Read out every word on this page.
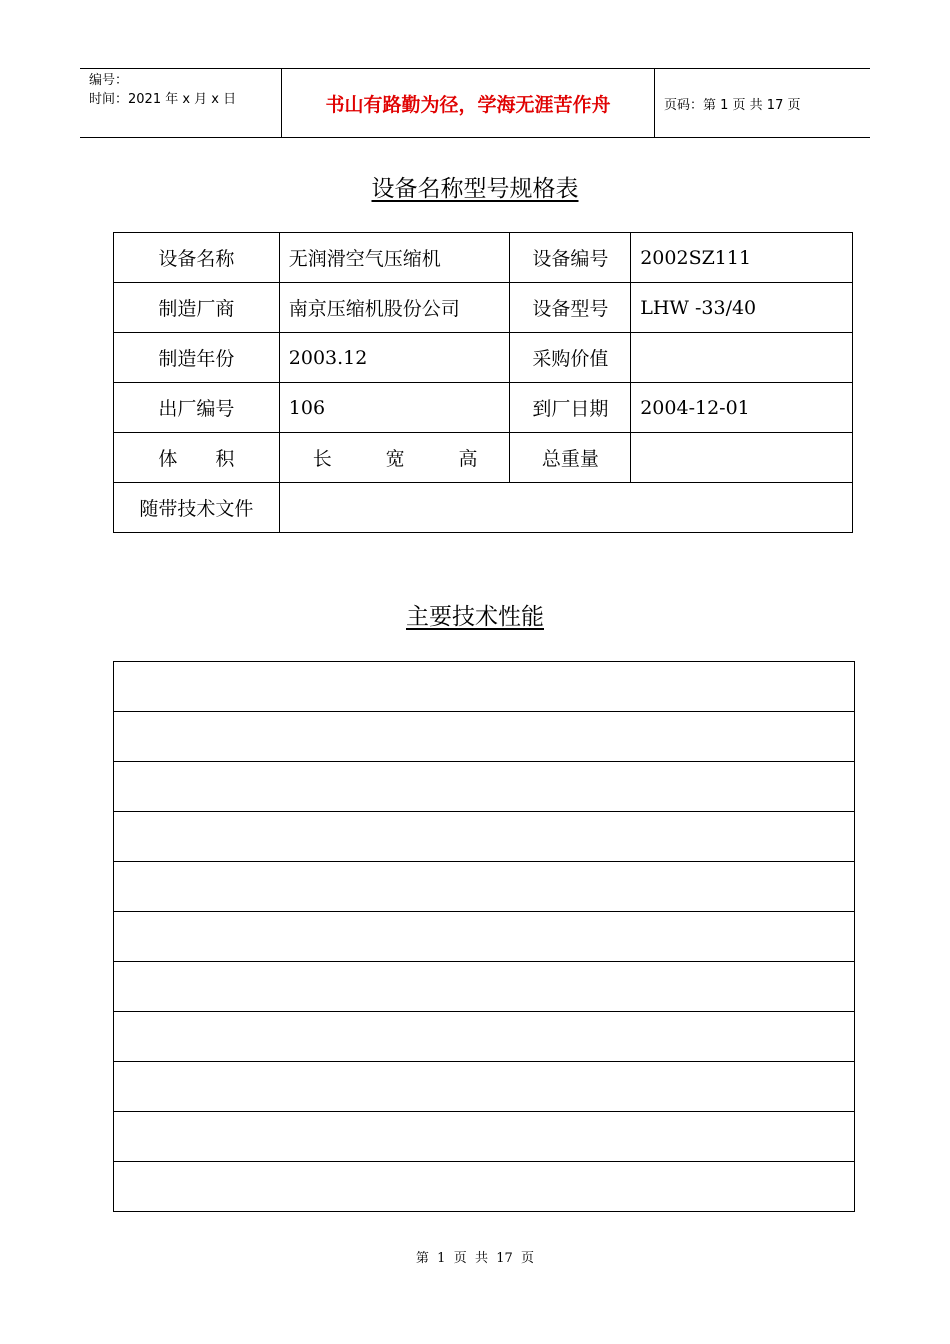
编号：
时间：2021 年 x 月 x 日	书山有路勤为径，学海无涯苦作舟	页码：第 1 页 共 17 页
设备名称型号规格表
设备名称	无润滑空气压缩机	设备编号	2002SZ111
制造厂商	南京压缩机股份公司	设备型号	LHW -33/40
制造年份	2003.12	采购价值	
出厂编号	106	到厂日期	2004-12-01
体　　积	长 宽 高	总重量	
随带技术文件			
主要技术性能

第  1  页  共  17  页
